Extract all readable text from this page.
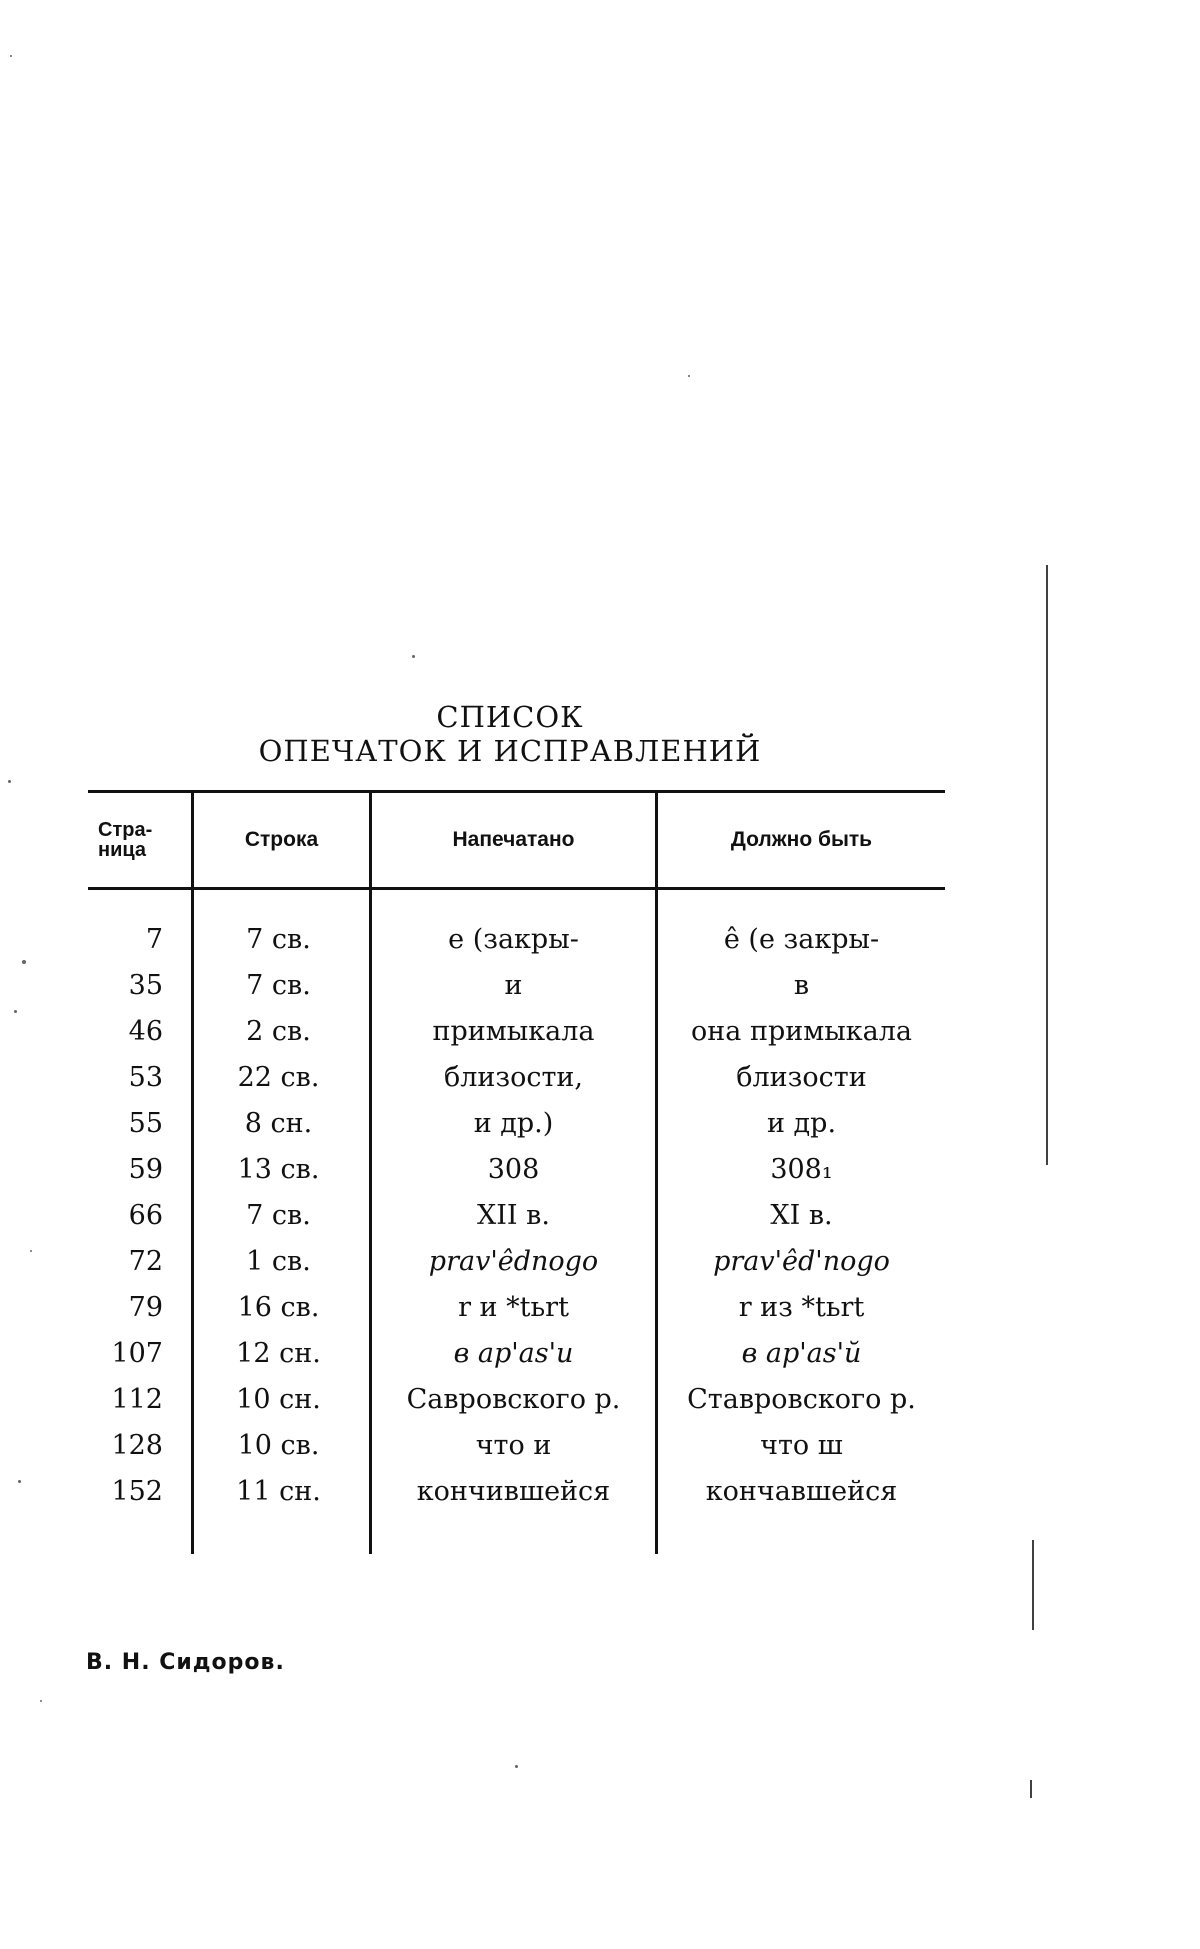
СПИСОК
ОПЕЧАТОК И ИСПРАВЛЕНИЙ
Стра-
ница	Строка	Напечатано	Должно быть
7	7 св.	е (закры-	ê (е закры-
35	7 св.	и	в
46	2 св.	примыкала	она примыкала
53	22 св.	близости,	близости
55	8 сн.	и др.)	и др.
59	13 св.	308	308₁
66	7 св.	XII в.	XI в.
72	1 св.	prav'êdnogo	prav'êd'nogo
79	16 св.	r и *tьrt	r из *tьrt
107	12 сн.	в ap'as'u	в ap'as'ŭ
112	10 сн.	Савровского р.	Ставровского р.
128	10 св.	что и	что ш
152	11 сн.	кончившейся	кончавшейся

В. Н. Сидоров.
